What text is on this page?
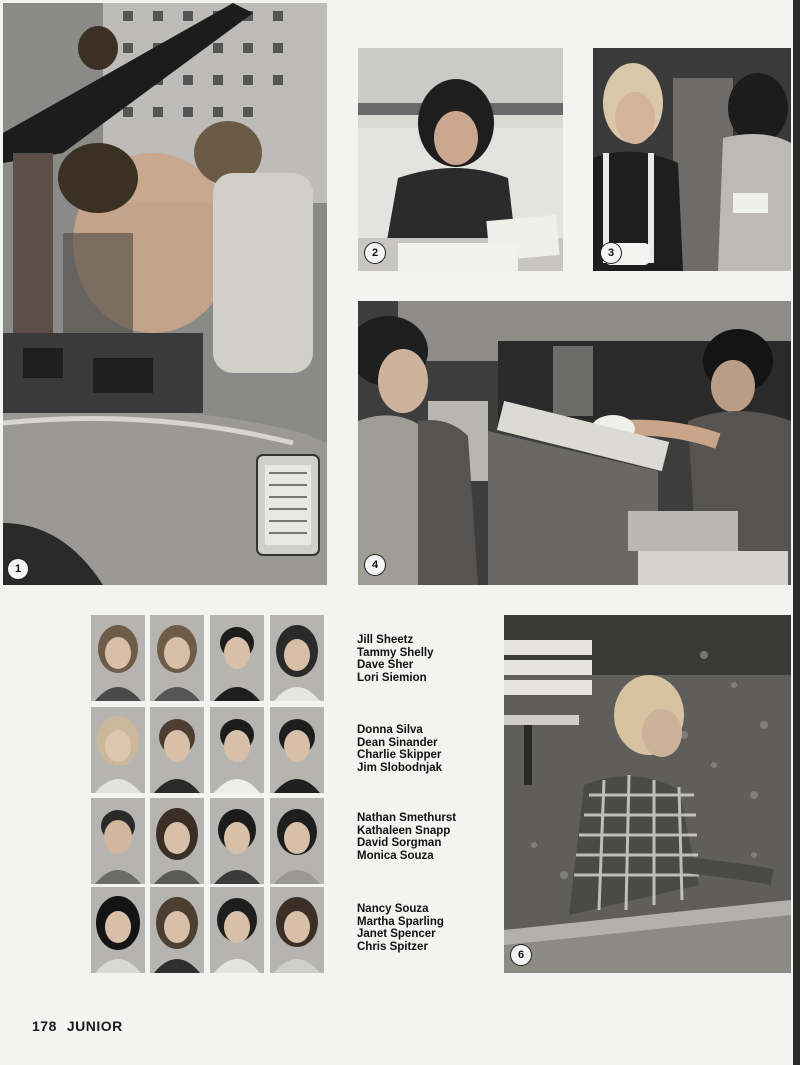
1
2	3
4
Jill Sheetz
Tammy Shelly
Dave Sher
Lori Siemion
Donna Silva
Dean Sinander
Charlie Skipper
Jim Slobodnjak
Nathan Smethurst
Kathaleen Snapp
David Sorgman
Monica Souza
Nancy Souza
Martha Sparling
Janet Spencer
Chris Spitzer
6
178 JUNIOR
